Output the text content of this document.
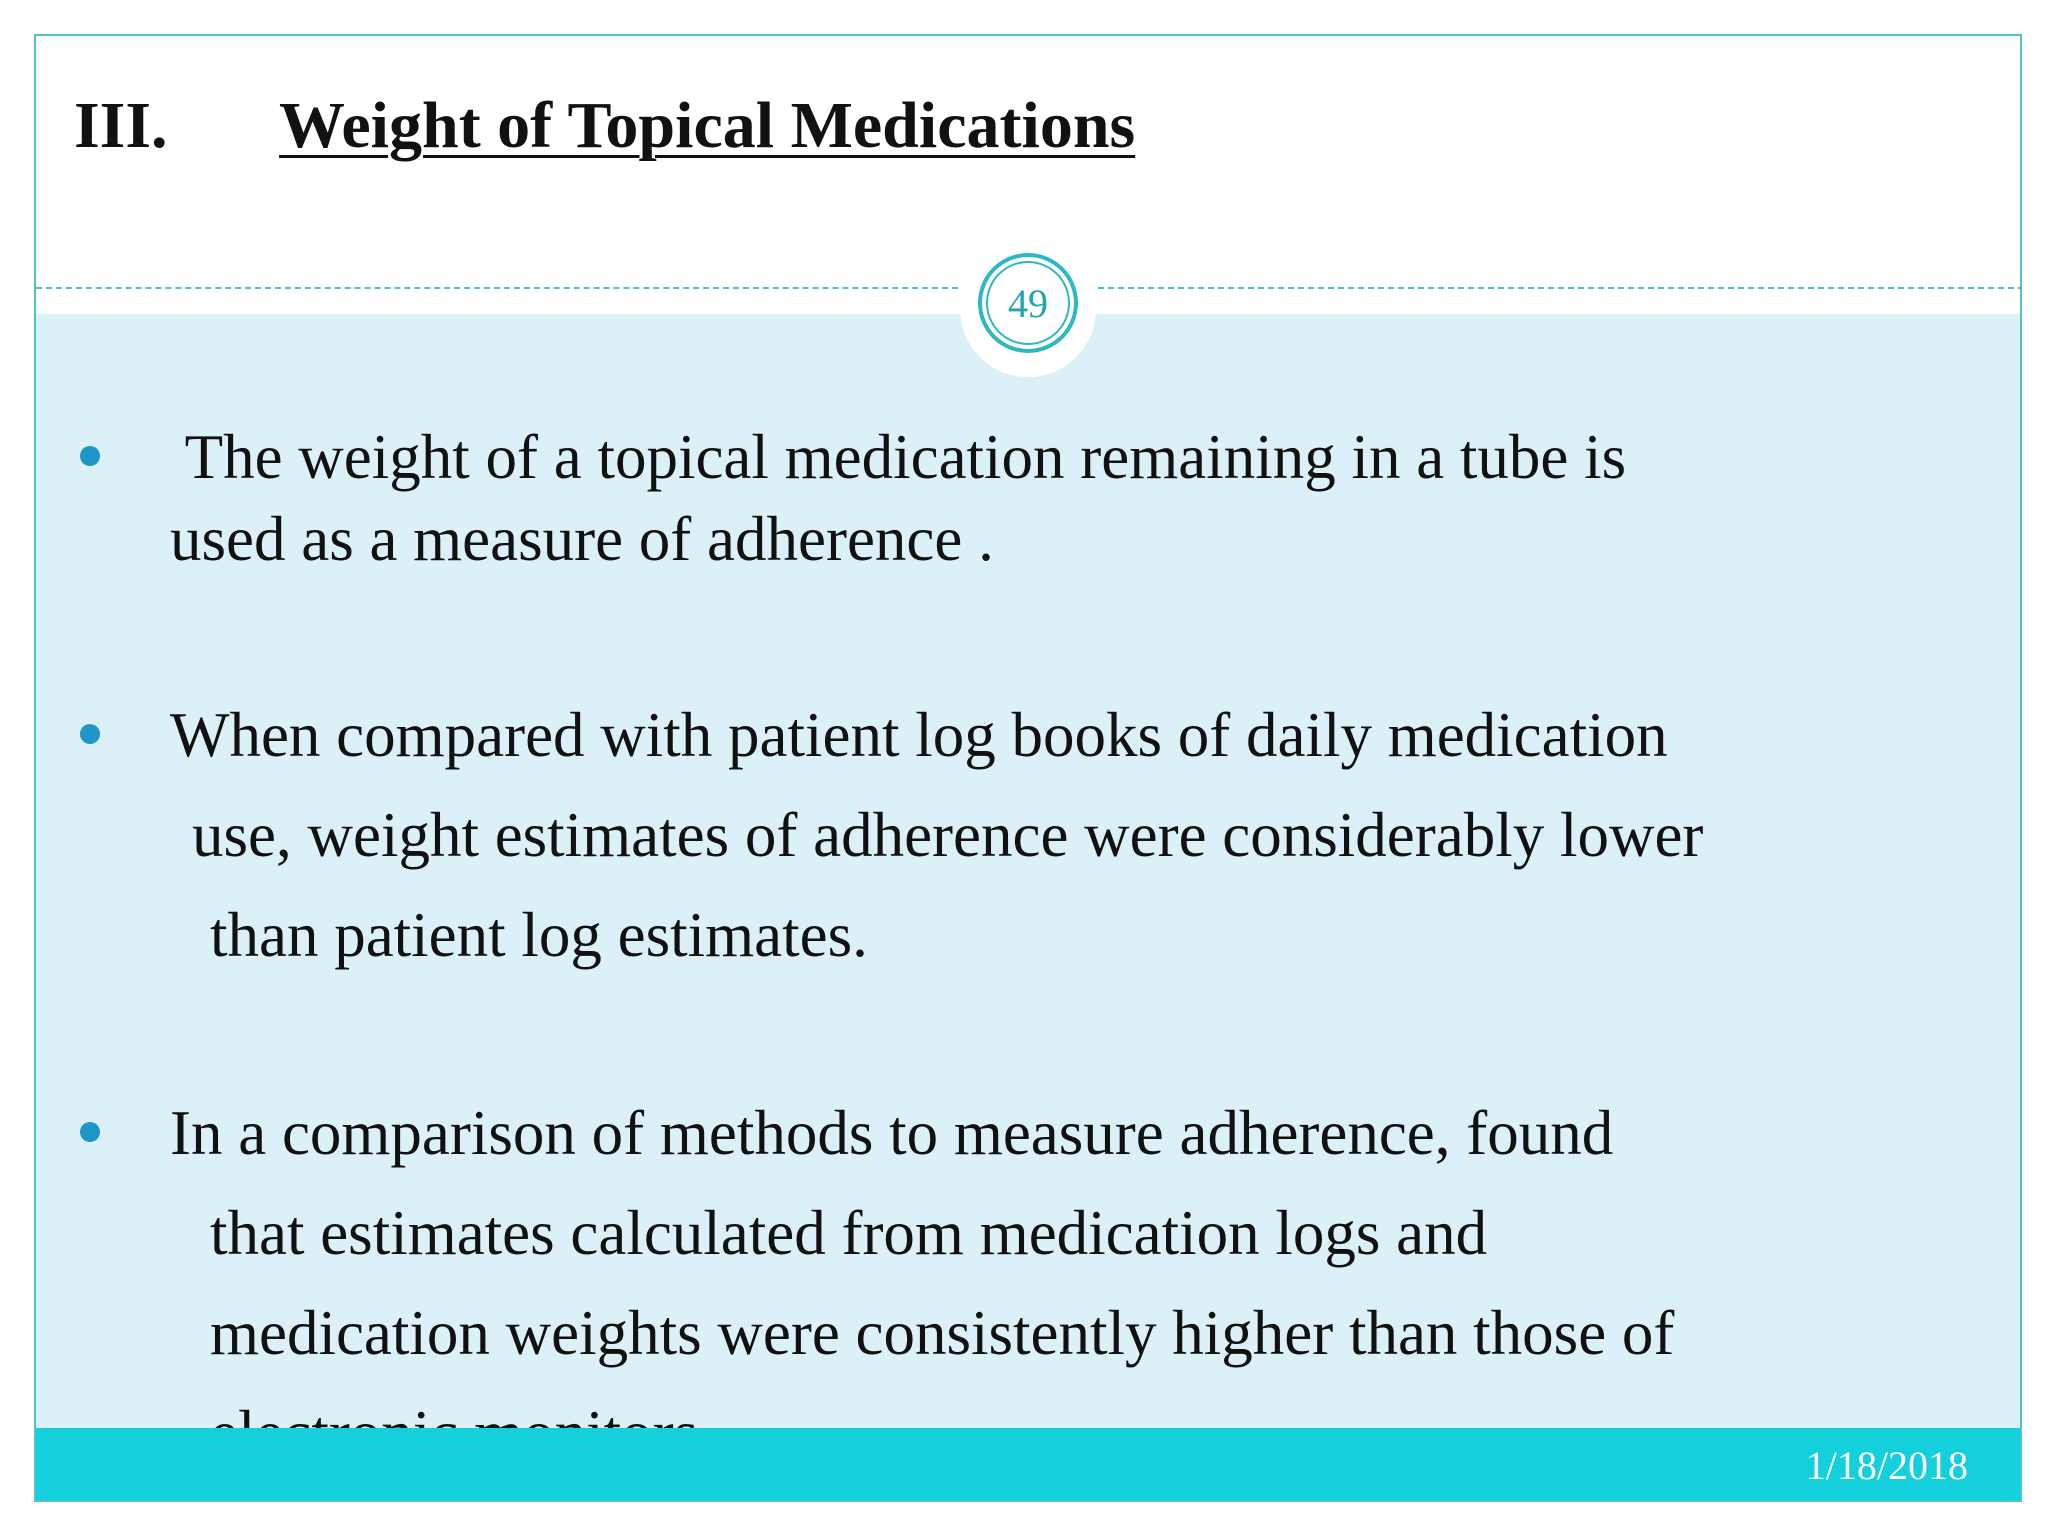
III. Weight of Topical Medications
49
The weight of a topical medication remaining in a tube is
used as a measure of adherence .
When compared with patient log books of daily medication
use, weight estimates of adherence were considerably lower
than patient log estimates.
In a comparison of methods to measure adherence, found
that estimates calculated from medication logs and
medication weights were consistently higher than those of
1/18/2018
